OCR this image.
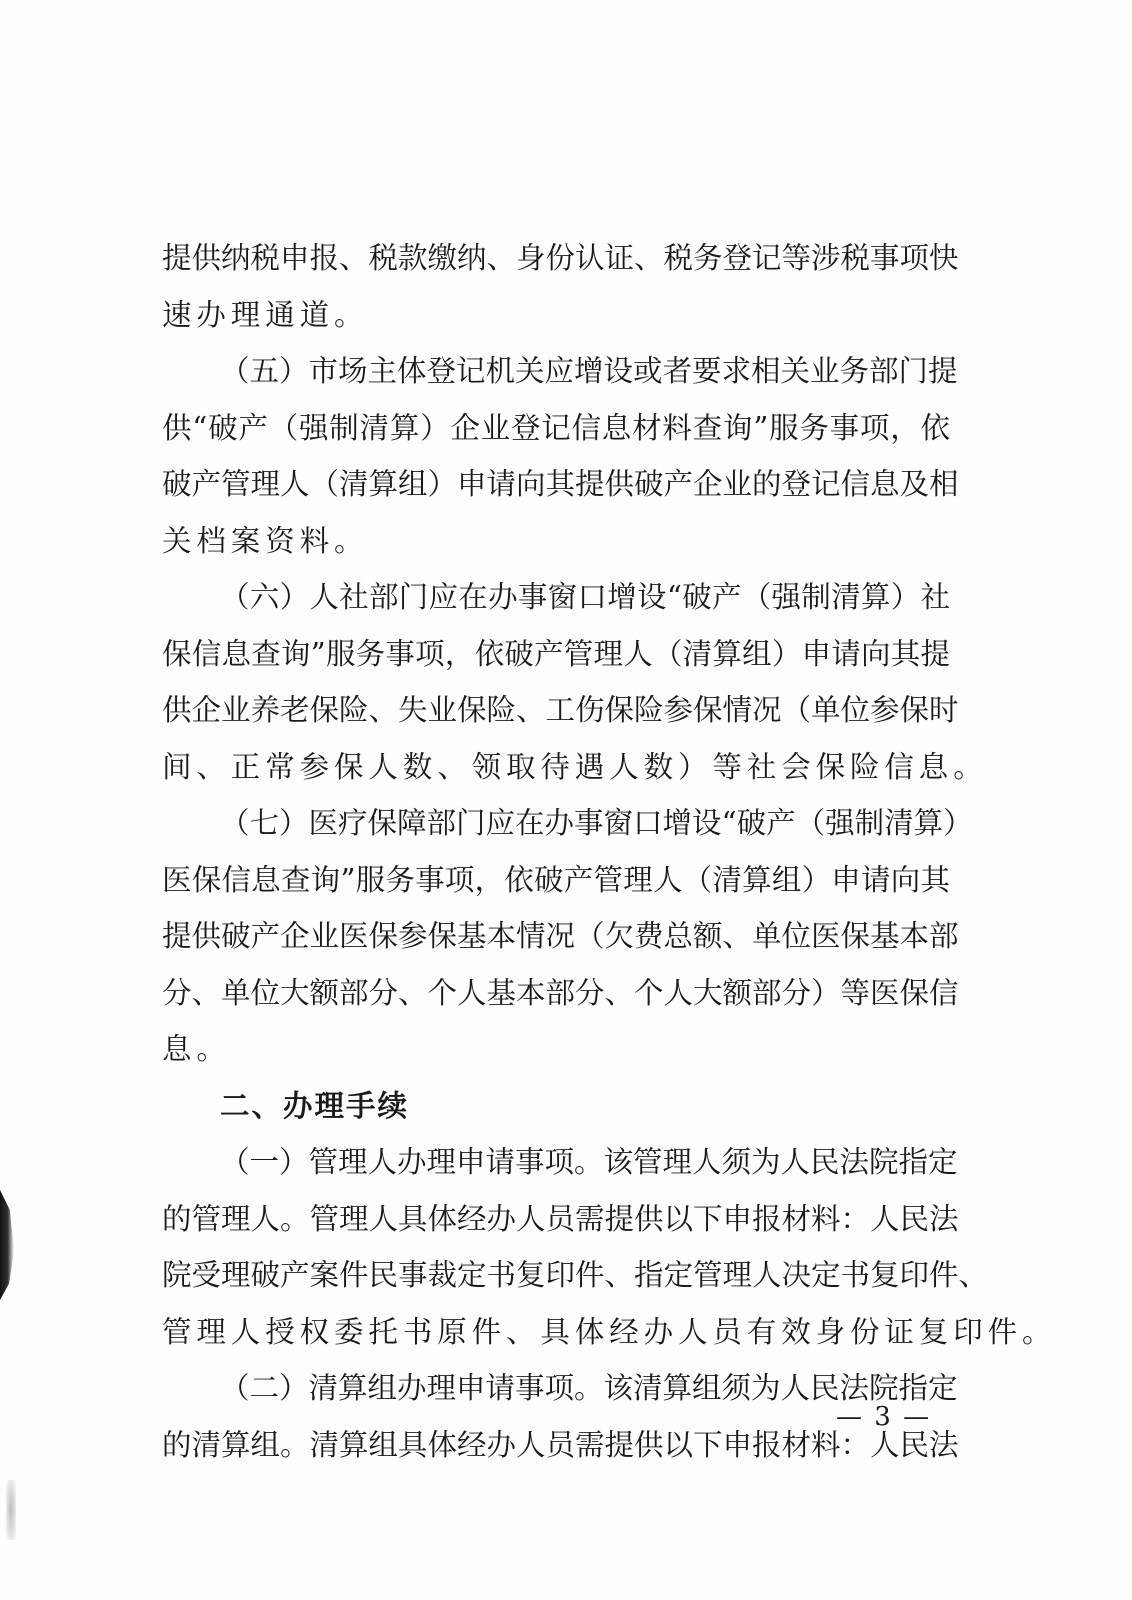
提供纳税申报、税款缴纳、身份认证、税务登记等涉税事项快
速办理通道。
（五）市场主体登记机关应增设或者要求相关业务部门提
供“破产（强制清算）企业登记信息材料查询”服务事项，依
破产管理人（清算组）申请向其提供破产企业的登记信息及相
关档案资料。
（六）人社部门应在办事窗口增设“破产（强制清算）社
保信息查询”服务事项，依破产管理人（清算组）申请向其提
供企业养老保险、失业保险、工伤保险参保情况（单位参保时
间、正常参保人数、领取待遇人数）等社会保险信息。
（七）医疗保障部门应在办事窗口增设“破产（强制清算）
医保信息查询”服务事项，依破产管理人（清算组）申请向其
提供破产企业医保参保基本情况（欠费总额、单位医保基本部
分、单位大额部分、个人基本部分、个人大额部分）等医保信
息。
二、办理手续
（一）管理人办理申请事项。该管理人须为人民法院指定
的管理人。管理人具体经办人员需提供以下申报材料：人民法
院受理破产案件民事裁定书复印件、指定管理人决定书复印件、
管理人授权委托书原件、具体经办人员有效身份证复印件。
（二）清算组办理申请事项。该清算组须为人民法院指定
的清算组。清算组具体经办人员需提供以下申报材料：人民法
— 3 —
